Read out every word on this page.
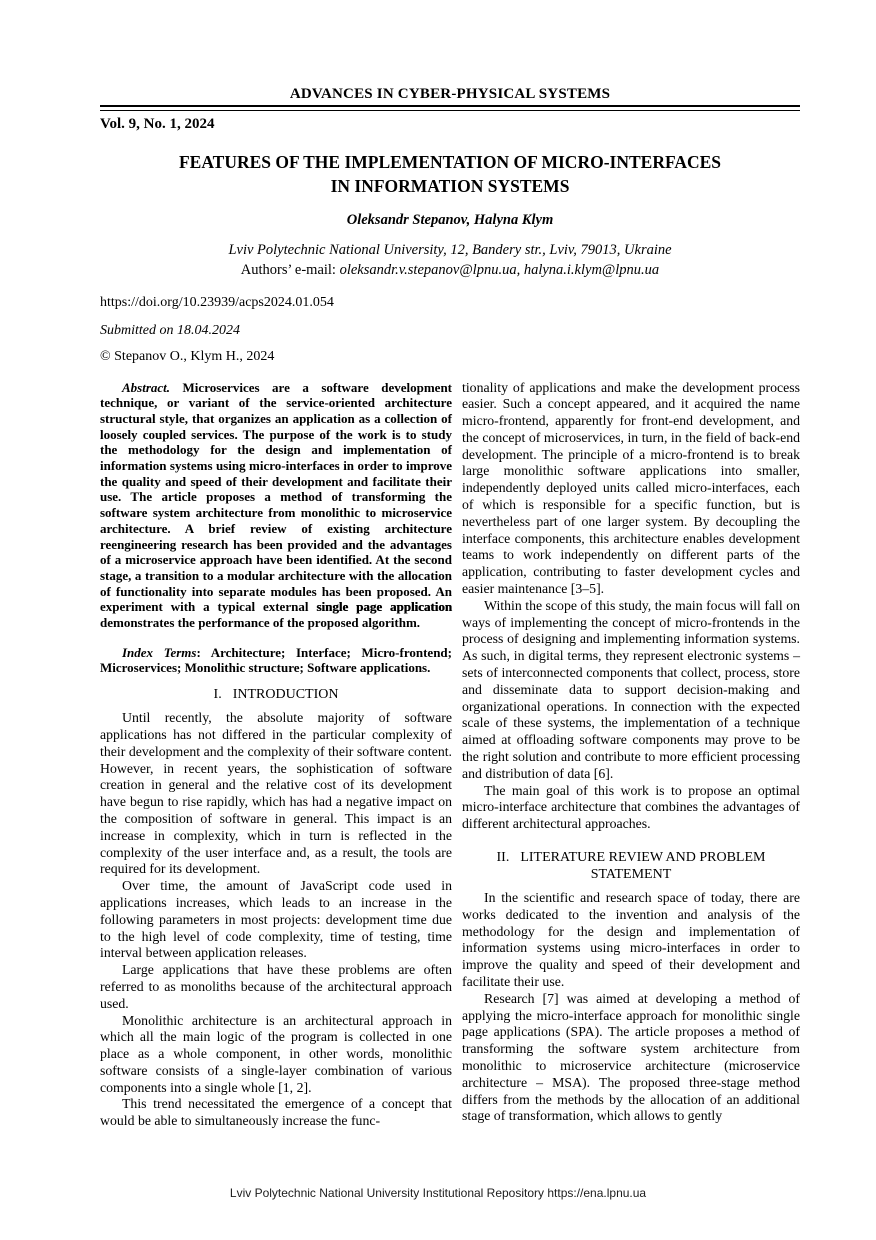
ADVANCES IN CYBER-PHYSICAL SYSTEMS
Vol. 9, No. 1, 2024
FEATURES OF THE IMPLEMENTATION OF MICRO-INTERFACES
IN INFORMATION SYSTEMS
Oleksandr Stepanov, Halyna Klym
Lviv Polytechnic National University, 12, Bandery str., Lviv, 79013, Ukraine
Authors’ e-mail: oleksandr.v.stepanov@lpnu.ua, halyna.i.klym@lpnu.ua
https://doi.org/10.23939/acps2024.01.054
Submitted on 18.04.2024
© Stepanov O., Klym H., 2024

Abstract. Microservices are a software development technique, or variant of the service-oriented architecture structural style, that organizes an application as a collection of loosely coupled services. The purpose of the work is to study the methodology for the design and implementation of information systems using micro-interfaces in order to improve the quality and speed of their development and facilitate their use. The article proposes a method of transforming the software system architecture from monolithic to microservice architecture. A brief review of existing architecture reengineering research has been provided and the advantages of a microservice approach have been identified. At the second stage, a transition to a modular architecture with the allocation of functionality into separate modules has been proposed. An experiment with a typical external single page application demonstrates the performance of the proposed algorithm.

Index Terms: Architecture; Interface; Micro-frontend; Microservices; Monolithic structure; Software applications.

I. INTRODUCTION

Until recently, the absolute majority of software applications has not differed in the particular complexity of their development and the complexity of their software content. However, in recent years, the sophistication of software creation in general and the relative cost of its development have begun to rise rapidly, which has had a negative impact on the composition of software in general. This impact is an increase in complexity, which in turn is reflected in the complexity of the user interface and, as a result, the tools are required for its development.

Over time, the amount of JavaScript code used in applications increases, which leads to an increase in the following parameters in most projects: development time due to the high level of code complexity, time of testing, time interval between application releases.

Large applications that have these problems are often referred to as monoliths because of the architectural approach used.

Monolithic architecture is an architectural approach in which all the main logic of the program is collected in one place as a whole component, in other words, monolithic software consists of a single-layer combination of various components into a single whole [1, 2].

This trend necessitated the emergence of a concept that would be able to simultaneously increase the func-

tionality of applications and make the development process easier. Such a concept appeared, and it acquired the name micro-frontend, apparently for front-end development, and the concept of microservices, in turn, in the field of back-end development. The principle of a micro-frontend is to break large monolithic software applications into smaller, independently deployed units called micro-interfaces, each of which is responsible for a specific function, but is nevertheless part of one larger system. By decoupling the interface components, this architecture enables development teams to work independently on different parts of the application, contributing to faster development cycles and easier maintenance [3–5].

Within the scope of this study, the main focus will fall on ways of implementing the concept of micro-frontends in the process of designing and implementing information systems. As such, in digital terms, they represent electronic systems – sets of interconnected components that collect, process, store and disseminate data to support decision-making and organizational operations. In connection with the expected scale of these systems, the implementation of a technique aimed at offloading software components may prove to be the right solution and contribute to more efficient processing and distribution of data [6].

The main goal of this work is to propose an optimal micro-interface architecture that combines the advantages of different architectural approaches.

II. LITERATURE REVIEW AND PROBLEM STATEMENT

In the scientific and research space of today, there are works dedicated to the invention and analysis of the methodology for the design and implementation of information systems using micro-interfaces in order to improve the quality and speed of their development and facilitate their use.

Research [7] was aimed at developing a method of applying the micro-interface approach for monolithic single page applications (SPA). The article proposes a method of transforming the software system architecture from monolithic to microservice architecture (microservice architecture – MSA). The proposed three-stage method differs from the methods by the allocation of an additional stage of transformation, which allows to gently

Lviv Polytechnic National University Institutional Repository https://ena.lpnu.ua
